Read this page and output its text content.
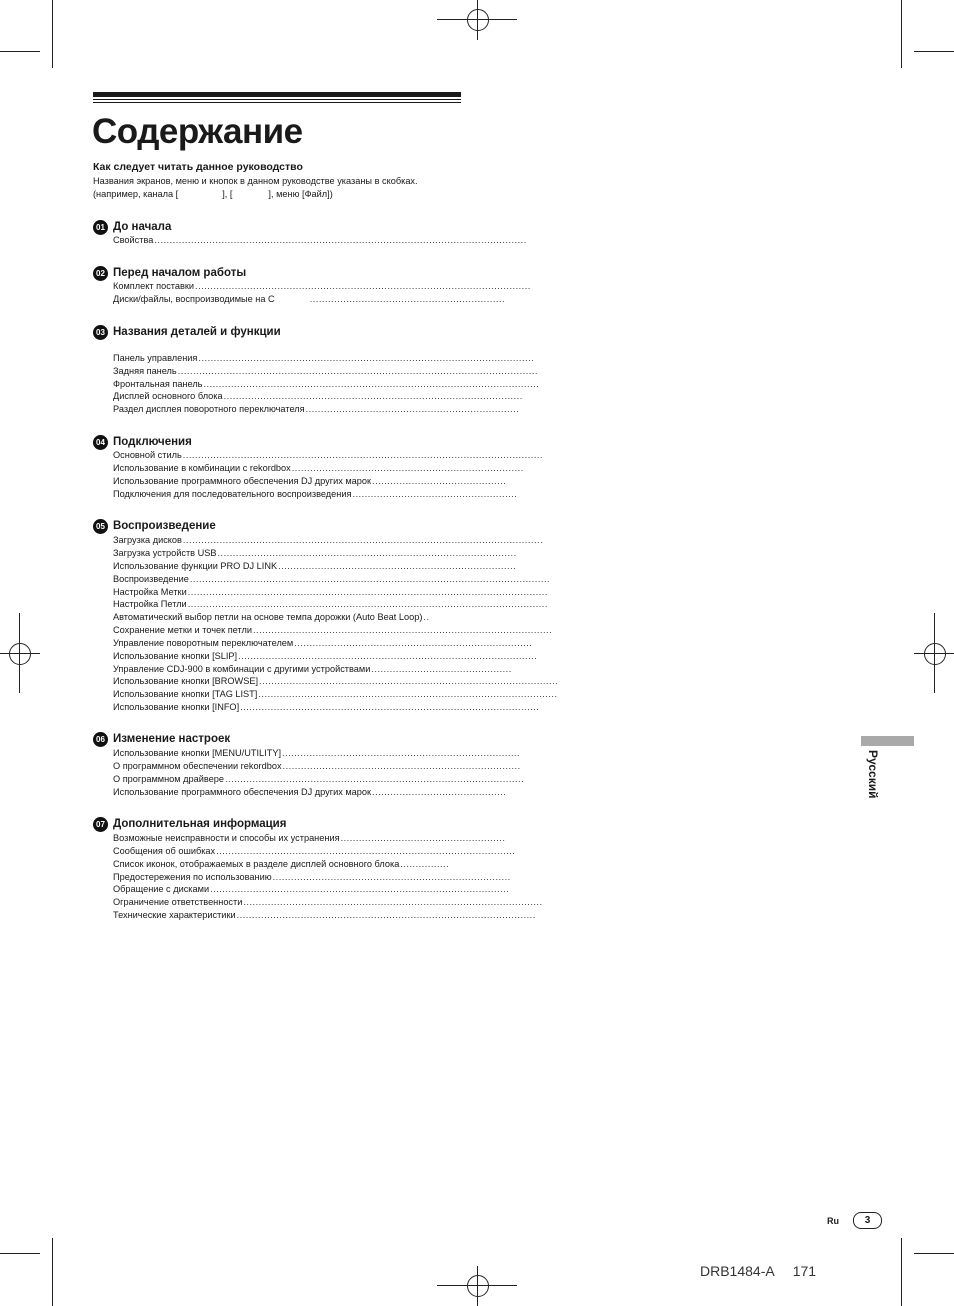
Содержание
Как следует читать данное руководство
Названия экранов, меню и кнопок в данном руководстве указаны в скобках.
(например, канала [	], [	], меню [Файл])
01 До начала
Свойства ..........................................................................................................................
02 Перед началом работы
Комплект поставки ..............................................................................................................
Диски/файлы, воспроизводимые на С	................................................................
03 Названия деталей и функции
Панель управления ..............................................................................................................
Задняя панель ......................................................................................................................
Фронтальная панель ..............................................................................................................
Дисплей основного блока ..................................................................................................
Раздел дисплея поворотного переключателя ......................................................................
04 Подключения
Основной стиль ......................................................................................................................
Использование в комбинации с rekordbox ............................................................................
Использование программного обеспечения DJ других марок ............................................
Подключения для последовательного воспроизведения ......................................................
05 Воспроизведение
Загрузка дисков ......................................................................................................................
Загрузка устройств USB ..................................................................................................
Использование функции PRO DJ LINK ..............................................................................
Воспроизведение ......................................................................................................................
Настройка Метки ......................................................................................................................
Настройка Петли ......................................................................................................................
Автоматический выбор петли на основе темпа дорожки (Auto Beat Loop) ..
Сохранение метки и точек петли ..................................................................................................
Управление поворотным переключателем ..............................................................................
Использование кнопки [SLIP] ..................................................................................................
Управление CDJ-900 в комбинации с другими устройствами ..............................................
Использование кнопки [BROWSE] ..................................................................................................
Использование кнопки [TAG LIST] ..................................................................................................
Использование кнопки [INFO] ..................................................................................................
06 Изменение настроек
Использование кнопки [MENU/UTILITY] ..............................................................................
О программном обеспечении rekordbox ..............................................................................
О программном драйвере ..................................................................................................
Использование программного обеспечения DJ других марок ............................................
07 Дополнительная информация
Возможные неисправности и способы их устранения ......................................................
Сообщения об ошибках ..................................................................................................
Список иконок, отображаемых в разделе дисплей основного блока ................
Предостережения по использованию ..............................................................................
Обращение с дисками ..................................................................................................
Ограничение ответственности ..................................................................................................
Технические характеристики ..................................................................................................
Русский
Ru	3
DRB1484-A 171
